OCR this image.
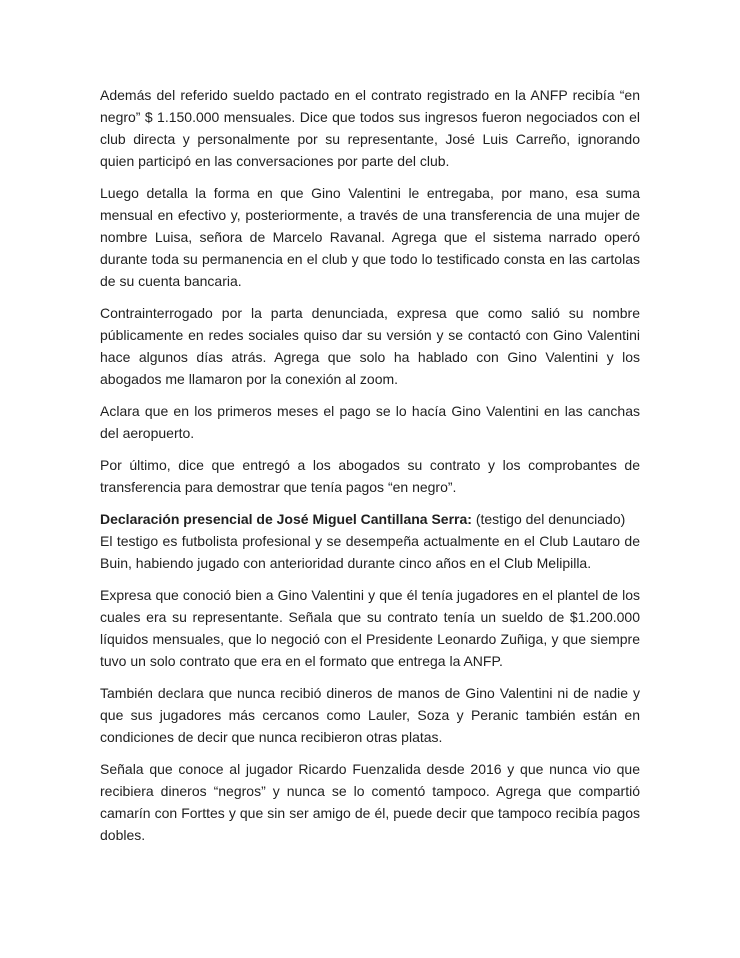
Además del referido sueldo pactado en el contrato registrado en la ANFP recibía “en negro” $ 1.150.000 mensuales. Dice que todos sus ingresos fueron negociados con el club directa y personalmente por su representante, José Luis Carreño, ignorando quien participó en las conversaciones por parte del club.

Luego detalla la forma en que Gino Valentini le entregaba, por mano, esa suma mensual en efectivo y, posteriormente, a través de una transferencia de una mujer de nombre Luisa, señora de Marcelo Ravanal. Agrega que el sistema narrado operó durante toda su permanencia en el club y que todo lo testificado consta en las cartolas de su cuenta bancaria.

Contrainterrogado por la parta denunciada, expresa que como salió su nombre públicamente en redes sociales quiso dar su versión y se contactó con Gino Valentini hace algunos días atrás. Agrega que solo ha hablado con Gino Valentini y los abogados me llamaron por la conexión al zoom.

Aclara que en los primeros meses el pago se lo hacía Gino Valentini en las canchas del aeropuerto.

Por último, dice que entregó a los abogados su contrato y los comprobantes de transferencia para demostrar que tenía pagos “en negro”.

Declaración presencial de José Miguel Cantillana Serra: (testigo del denunciado)
El testigo es futbolista profesional y se desempeña actualmente en el Club Lautaro de Buin, habiendo jugado con anterioridad durante cinco años en el Club Melipilla.

Expresa que conoció bien a Gino Valentini y que él tenía jugadores en el plantel de los cuales era su representante. Señala que su contrato tenía un sueldo de $1.200.000 líquidos mensuales, que lo negoció con el Presidente Leonardo Zuñiga, y que siempre tuvo un solo contrato que era en el formato que entrega la ANFP.

También declara que nunca recibió dineros de manos de Gino Valentini ni de nadie y que sus jugadores más cercanos como Lauler, Soza y Peranic también están en condiciones de decir que nunca recibieron otras platas.

Señala que conoce al jugador Ricardo Fuenzalida desde 2016 y que nunca vio que recibiera dineros “negros” y nunca se lo comentó tampoco. Agrega que compartió camarín con Forttes y que sin ser amigo de él, puede decir que tampoco recibía pagos dobles.
